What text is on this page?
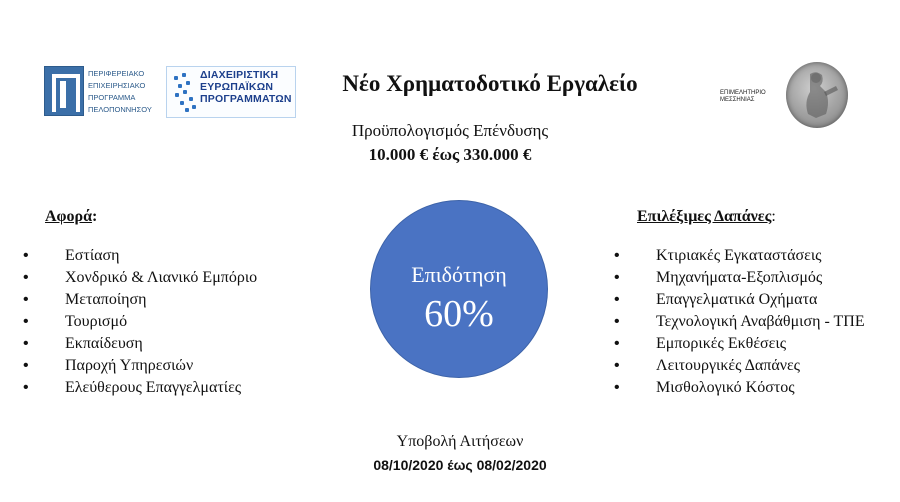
ΠΕΡΙΦΕΡΕΙΑΚΟ
ΕΠΙΧΕΙΡΗΣΙΑΚΟ
ΠΡΟΓΡΑΜΜΑ
ΠΕΛΟΠΟΝΝΗΣΟΥ
ΔΙΑΧΕΙΡΙΣΤΙΚΗ
ΕΥΡΩΠΑΪΚΩΝ
ΠΡΟΓΡΑΜΜΑΤΩΝ	ΕΠΙΜΕΛΗΤΗΡΙΟ ΜΕΣΣΗΝΙΑΣ
Νέο Χρηματοδοτικό Εργαλείο
Προϋπολογισμός Επένδυσης
10.000 € έως 330.000 €
Αφορά:
• Εστίαση
• Χονδρικό & Λιανικό Εμπόριο
• Μεταποίηση
• Τουρισμό
• Εκπαίδευση
• Παροχή Υπηρεσιών
• Ελεύθερους Επαγγελματίες
Επιδότηση
60%
Επιλέξιμες Δαπάνες:
• Κτιριακές Εγκαταστάσεις
• Μηχανήματα-Εξοπλισμός
• Επαγγελματικά Οχήματα
• Τεχνολογική Αναβάθμιση - ΤΠΕ
• Εμπορικές Εκθέσεις
• Λειτουργικές Δαπάνες
• Μισθολογικό Κόστος
Υποβολή Αιτήσεων
08/10/2020 έως 08/02/2020
